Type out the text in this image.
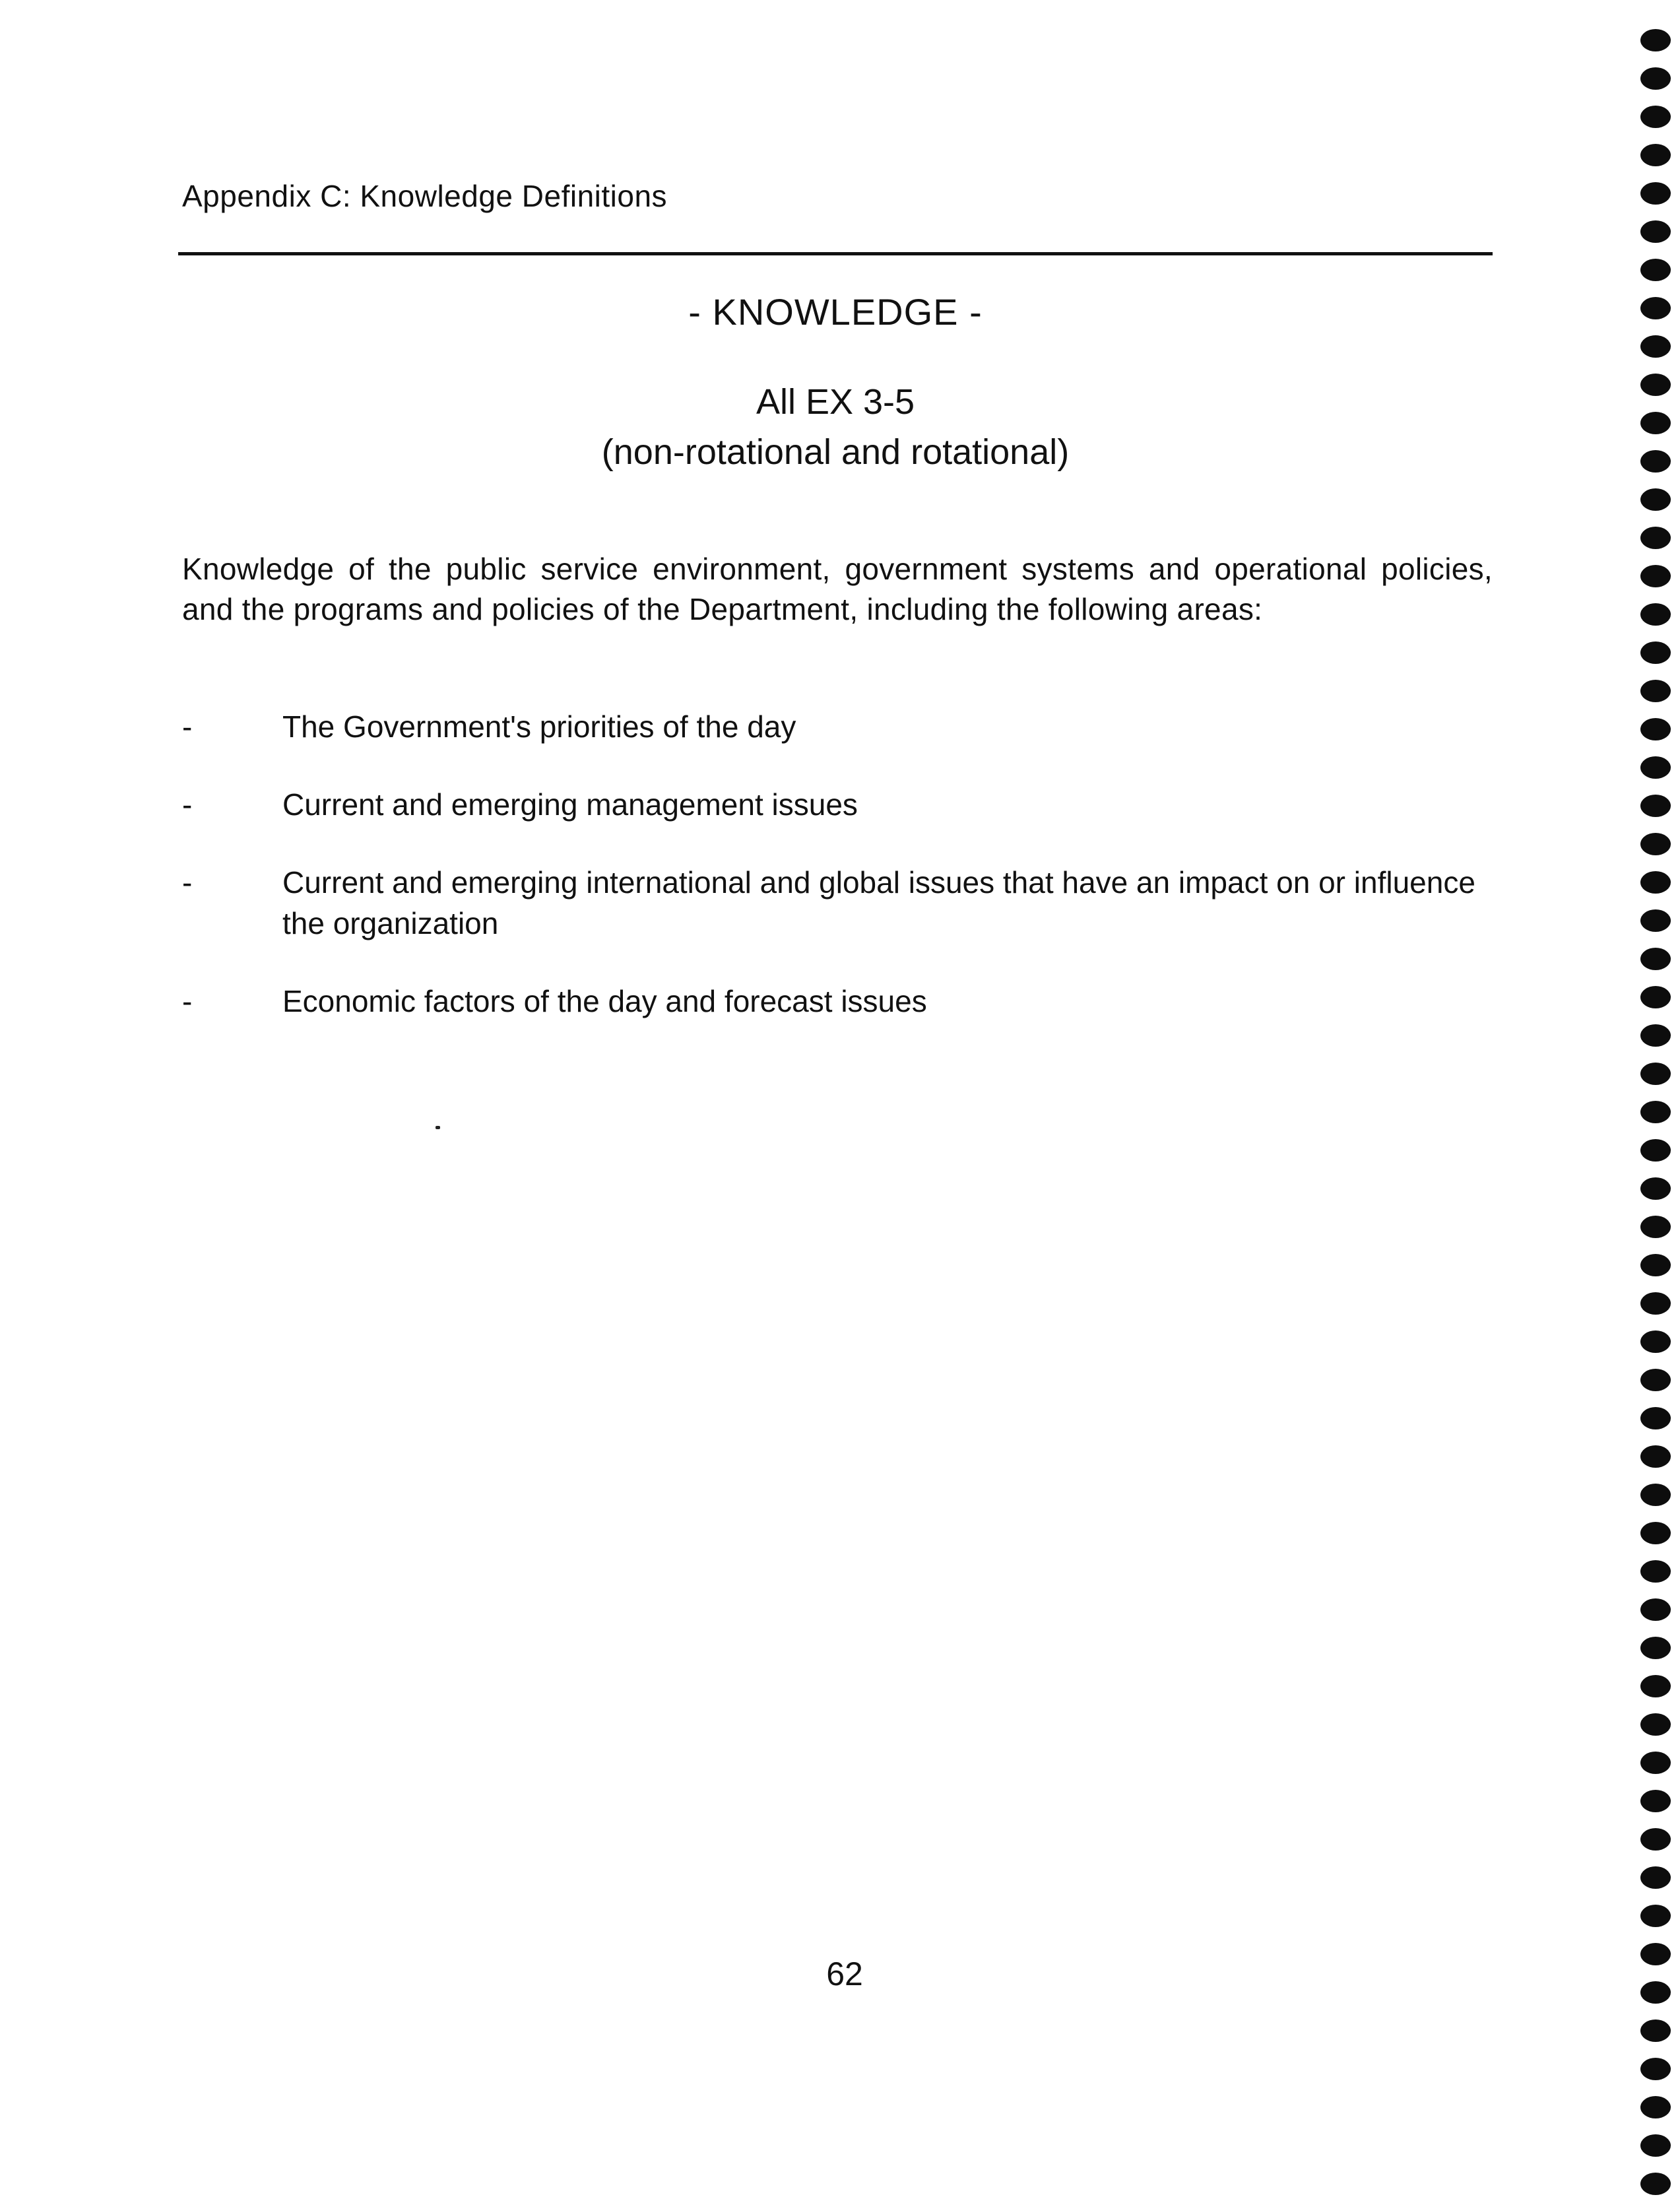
Appendix C: Knowledge Definitions
- KNOWLEDGE -
All EX 3-5
(non-rotational and rotational)
Knowledge of the public service environment, government systems and operational policies, and the programs and policies of the Department, including the following areas:
-	The Government's priorities of the day
-	Current and emerging management issues
-	Current and emerging international and global issues that have an impact on or influence the organization
-	Economic factors of the day and forecast issues
62
